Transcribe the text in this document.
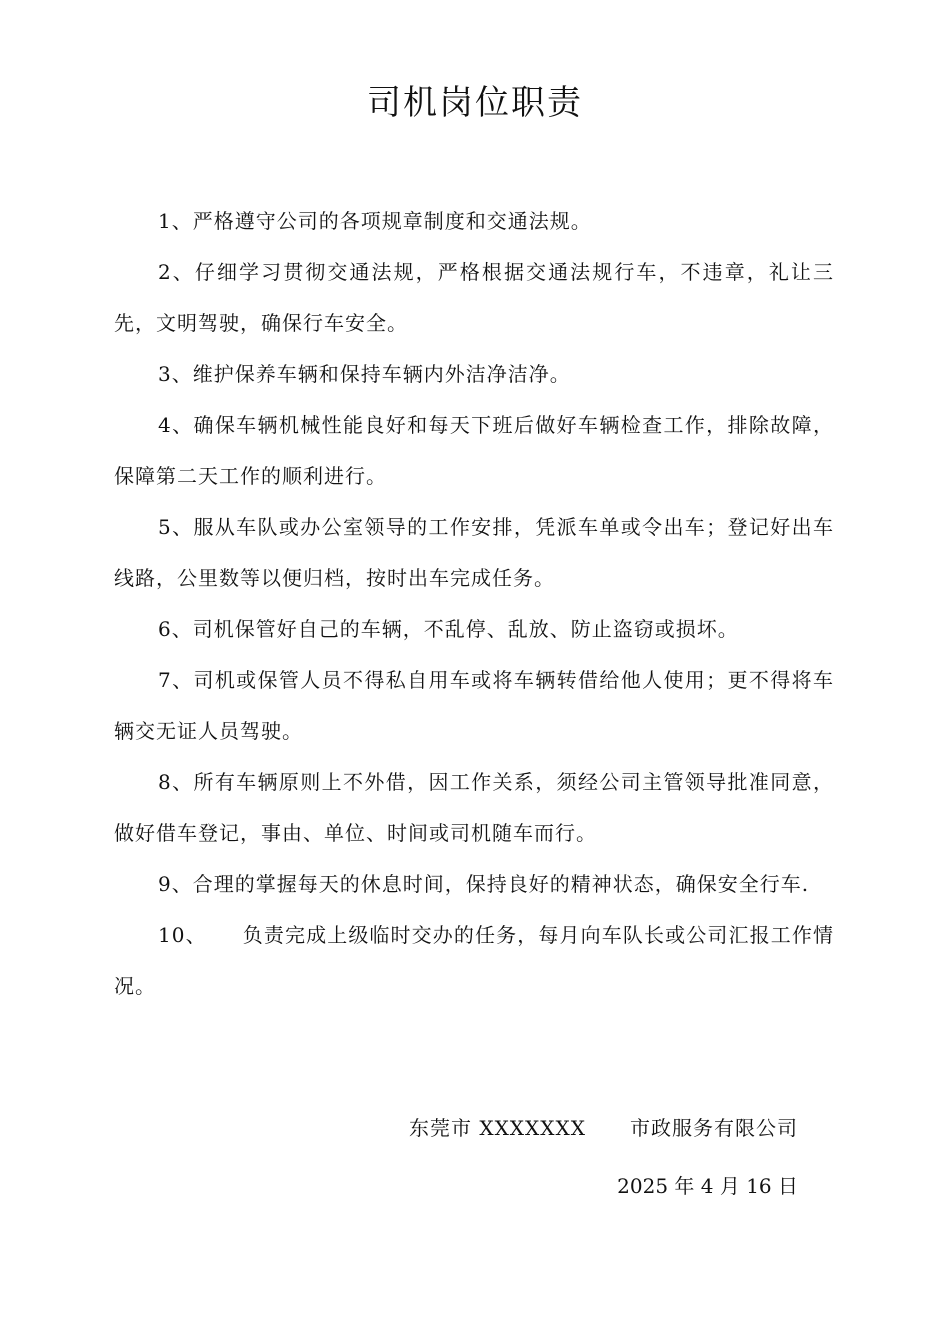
司机岗位职责

1、严格遵守公司的各项规章制度和交通法规。

2、仔细学习贯彻交通法规，严格根据交通法规行车，不违章，礼让三先，文明驾驶，确保行车安全。

3、维护保养车辆和保持车辆内外洁净洁净。

4、确保车辆机械性能良好和每天下班后做好车辆检查工作，排除故障，保障第二天工作的顺利进行。

5、服从车队或办公室领导的工作安排，凭派车单或令出车；登记好出车线路，公里数等以便归档，按时出车完成任务。

6、司机保管好自己的车辆，不乱停、乱放、防止盗窃或损坏。

7、司机或保管人员不得私自用车或将车辆转借给他人使用；更不得将车辆交无证人员驾驶。

8、所有车辆原则上不外借，因工作关系，须经公司主管领导批准同意，做好借车登记，事由、单位、时间或司机随车而行。

9、合理的掌握每天的休息时间，保持良好的精神状态，确保安全行车.

10、 负责完成上级临时交办的任务，每月向车队长或公司汇报工作情况。

东莞市 XXXXXXX 市政服务有限公司
2025 年 4 月 16 日
